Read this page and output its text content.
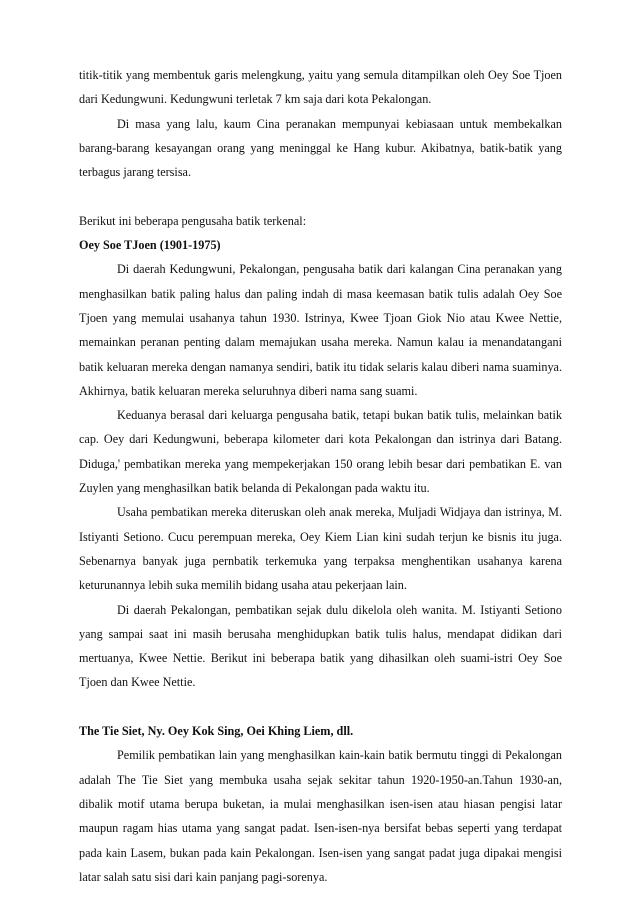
titik-titik yang membentuk garis melengkung, yaitu yang semula ditampilkan oleh Oey Soe Tjoen dari Kedungwuni. Kedungwuni terletak 7 km saja dari kota Pekalongan.

Di masa yang lalu, kaum Cina peranakan mempunyai kebiasaan untuk membekalkan barang-barang kesayangan orang yang meninggal ke Hang kubur. Akibatnya, batik-batik yang terbagus jarang tersisa.

Berikut ini beberapa pengusaha batik terkenal:

Oey Soe TJoen (1901-1975)

Di daerah Kedungwuni, Pekalongan, pengusaha batik dari kalangan Cina peranakan yang menghasilkan batik paling halus dan paling indah di masa keemasan batik tulis adalah Oey Soe Tjoen yang memulai usahanya tahun 1930. Istrinya, Kwee Tjoan Giok Nio atau Kwee Nettie, memainkan peranan penting dalam memajukan usaha mereka. Namun kalau ia menandatangani batik keluaran mereka dengan namanya sendiri, batik itu tidak selaris kalau diberi nama suaminya. Akhirnya, batik keluaran mereka seluruhnya diberi nama sang suami.

Keduanya berasal dari keluarga pengusaha batik, tetapi bukan batik tulis, melainkan batik cap. Oey dari Kedungwuni, beberapa kilometer dari kota Pekalongan dan istrinya dari Batang. Diduga,' pembatikan mereka yang mempekerjakan 150 orang lebih besar dari pembatikan E. van Zuylen yang menghasilkan batik belanda di Pekalongan pada waktu itu.

Usaha pembatikan mereka diteruskan oleh anak mereka, Muljadi Widjaya dan istrinya, M. Istiyanti Setiono. Cucu perempuan mereka, Oey Kiem Lian kini sudah terjun ke bisnis itu juga. Sebenarnya banyak juga pernbatik terkemuka yang terpaksa menghentikan usahanya karena keturunannya lebih suka memilih bidang usaha atau pekerjaan lain.

Di daerah Pekalongan, pembatikan sejak dulu dikelola oleh wanita. M. Istiyanti Setiono yang sampai saat ini masih berusaha menghidupkan batik tulis halus, mendapat didikan dari mertuanya, Kwee Nettie. Berikut ini beberapa batik yang dihasilkan oleh suami-istri Oey Soe Tjoen dan Kwee Nettie.

The Tie Siet, Ny. Oey Kok Sing, Oei Khing Liem, dll.

Pemilik pembatikan lain yang menghasilkan kain-kain batik bermutu tinggi di Pekalongan adalah The Tie Siet yang membuka usaha sejak sekitar tahun 1920-1950-an.Tahun 1930-an, dibalik motif utama berupa buketan, ia mulai menghasilkan isen-isen atau hiasan pengisi latar maupun ragam hias utama yang sangat padat. Isen-isen-nya bersifat bebas seperti yang terdapat pada kain Lasem, bukan pada kain Pekalongan. Isen-isen yang sangat padat juga dipakai mengisi latar salah satu sisi dari kain panjang pagi-sorenya.
